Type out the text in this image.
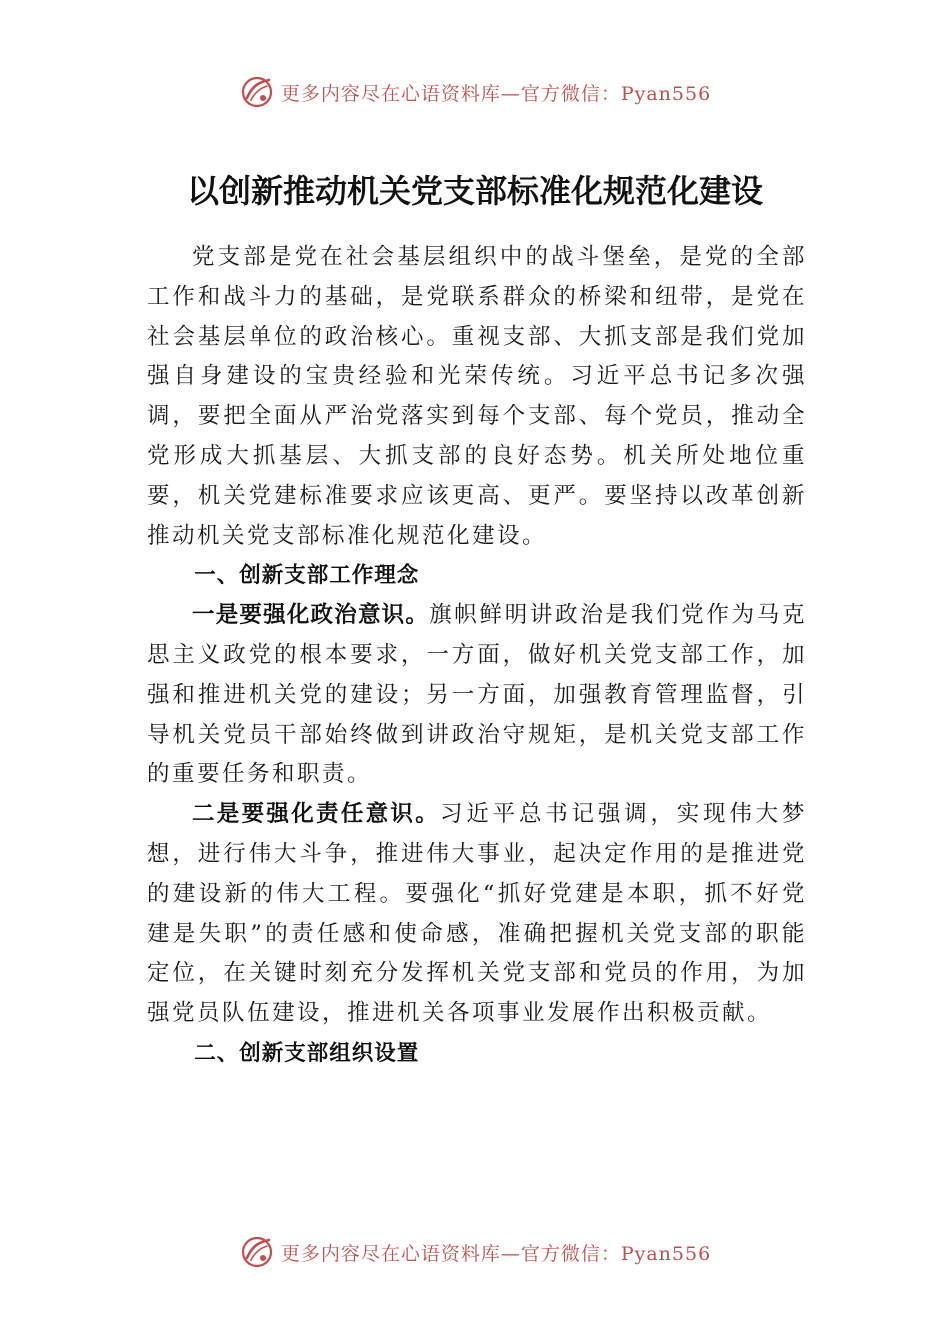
更多内容尽在心语资料库—官方微信：Pyan556
以创新推动机关党支部标准化规范化建设

党支部是党在社会基层组织中的战斗堡垒，是党的全部工作和战斗力的基础，是党联系群众的桥梁和纽带，是党在社会基层单位的政治核心。重视支部、大抓支部是我们党加强自身建设的宝贵经验和光荣传统。习近平总书记多次强调，要把全面从严治党落实到每个支部、每个党员，推动全党形成大抓基层、大抓支部的良好态势。机关所处地位重要，机关党建标准要求应该更高、更严。要坚持以改革创新推动机关党支部标准化规范化建设。

一、创新支部工作理念

一是要强化政治意识。旗帜鲜明讲政治是我们党作为马克思主义政党的根本要求，一方面，做好机关党支部工作，加强和推进机关党的建设；另一方面，加强教育管理监督，引导机关党员干部始终做到讲政治守规矩，是机关党支部工作的重要任务和职责。

二是要强化责任意识。习近平总书记强调，实现伟大梦想，进行伟大斗争，推进伟大事业，起决定作用的是推进党的建设新的伟大工程。要强化“抓好党建是本职，抓不好党建是失职”的责任感和使命感，准确把握机关党支部的职能定位，在关键时刻充分发挥机关党支部和党员的作用，为加强党员队伍建设，推进机关各项事业发展作出积极贡献。

二、创新支部组织设置

更多内容尽在心语资料库—官方微信：Pyan556
